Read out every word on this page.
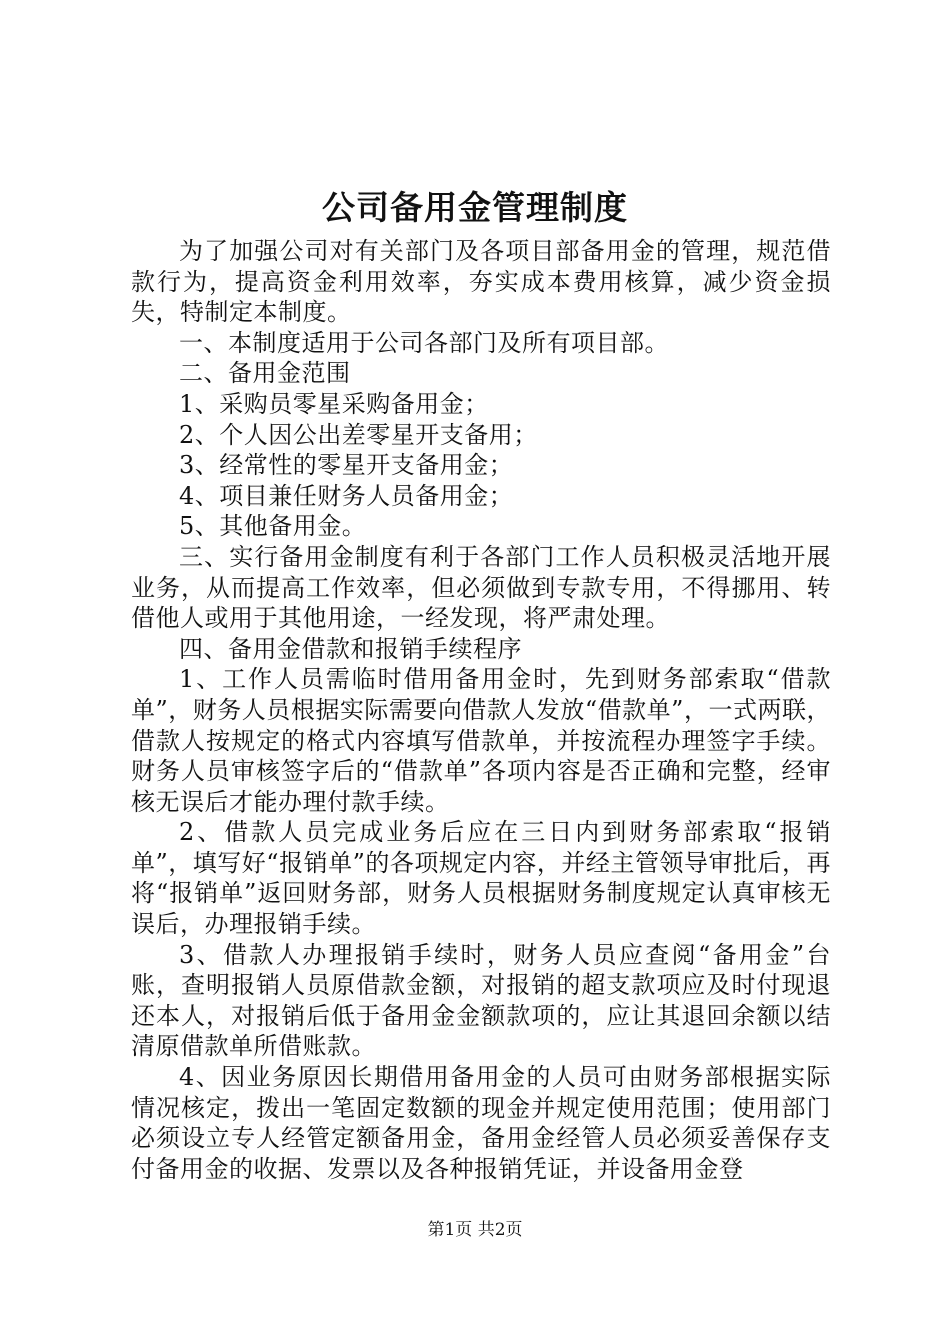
公司备用金管理制度

为了加强公司对有关部门及各项目部备用金的管理，规范借款行为，提高资金利用效率，夯实成本费用核算，减少资金损失，特制定本制度。

一、本制度适用于公司各部门及所有项目部。

二、备用金范围

1、采购员零星采购备用金；

2、个人因公出差零星开支备用；

3、经常性的零星开支备用金；

4、项目兼任财务人员备用金；

5、其他备用金。

三、实行备用金制度有利于各部门工作人员积极灵活地开展业务，从而提高工作效率，但必须做到专款专用，不得挪用、转借他人或用于其他用途，一经发现，将严肃处理。

四、备用金借款和报销手续程序

1、工作人员需临时借用备用金时，先到财务部索取“借款单”，财务人员根据实际需要向借款人发放“借款单”，一式两联，借款人按规定的格式内容填写借款单，并按流程办理签字手续。财务人员审核签字后的“借款单”各项内容是否正确和完整，经审核无误后才能办理付款手续。

2、借款人员完成业务后应在三日内到财务部索取“报销单”，填写好“报销单”的各项规定内容，并经主管领导审批后，再将“报销单”返回财务部，财务人员根据财务制度规定认真审核无误后，办理报销手续。

3、借款人办理报销手续时，财务人员应查阅“备用金”台账，查明报销人员原借款金额，对报销的超支款项应及时付现退还本人，对报销后低于备用金金额款项的，应让其退回余额以结清原借款单所借账款。

4、因业务原因长期借用备用金的人员可由财务部根据实际情况核定，拨出一笔固定数额的现金并规定使用范围；使用部门必须设立专人经管定额备用金，备用金经管人员必须妥善保存支付备用金的收据、发票以及各种报销凭证，并设备用金登

第1页 共2页
